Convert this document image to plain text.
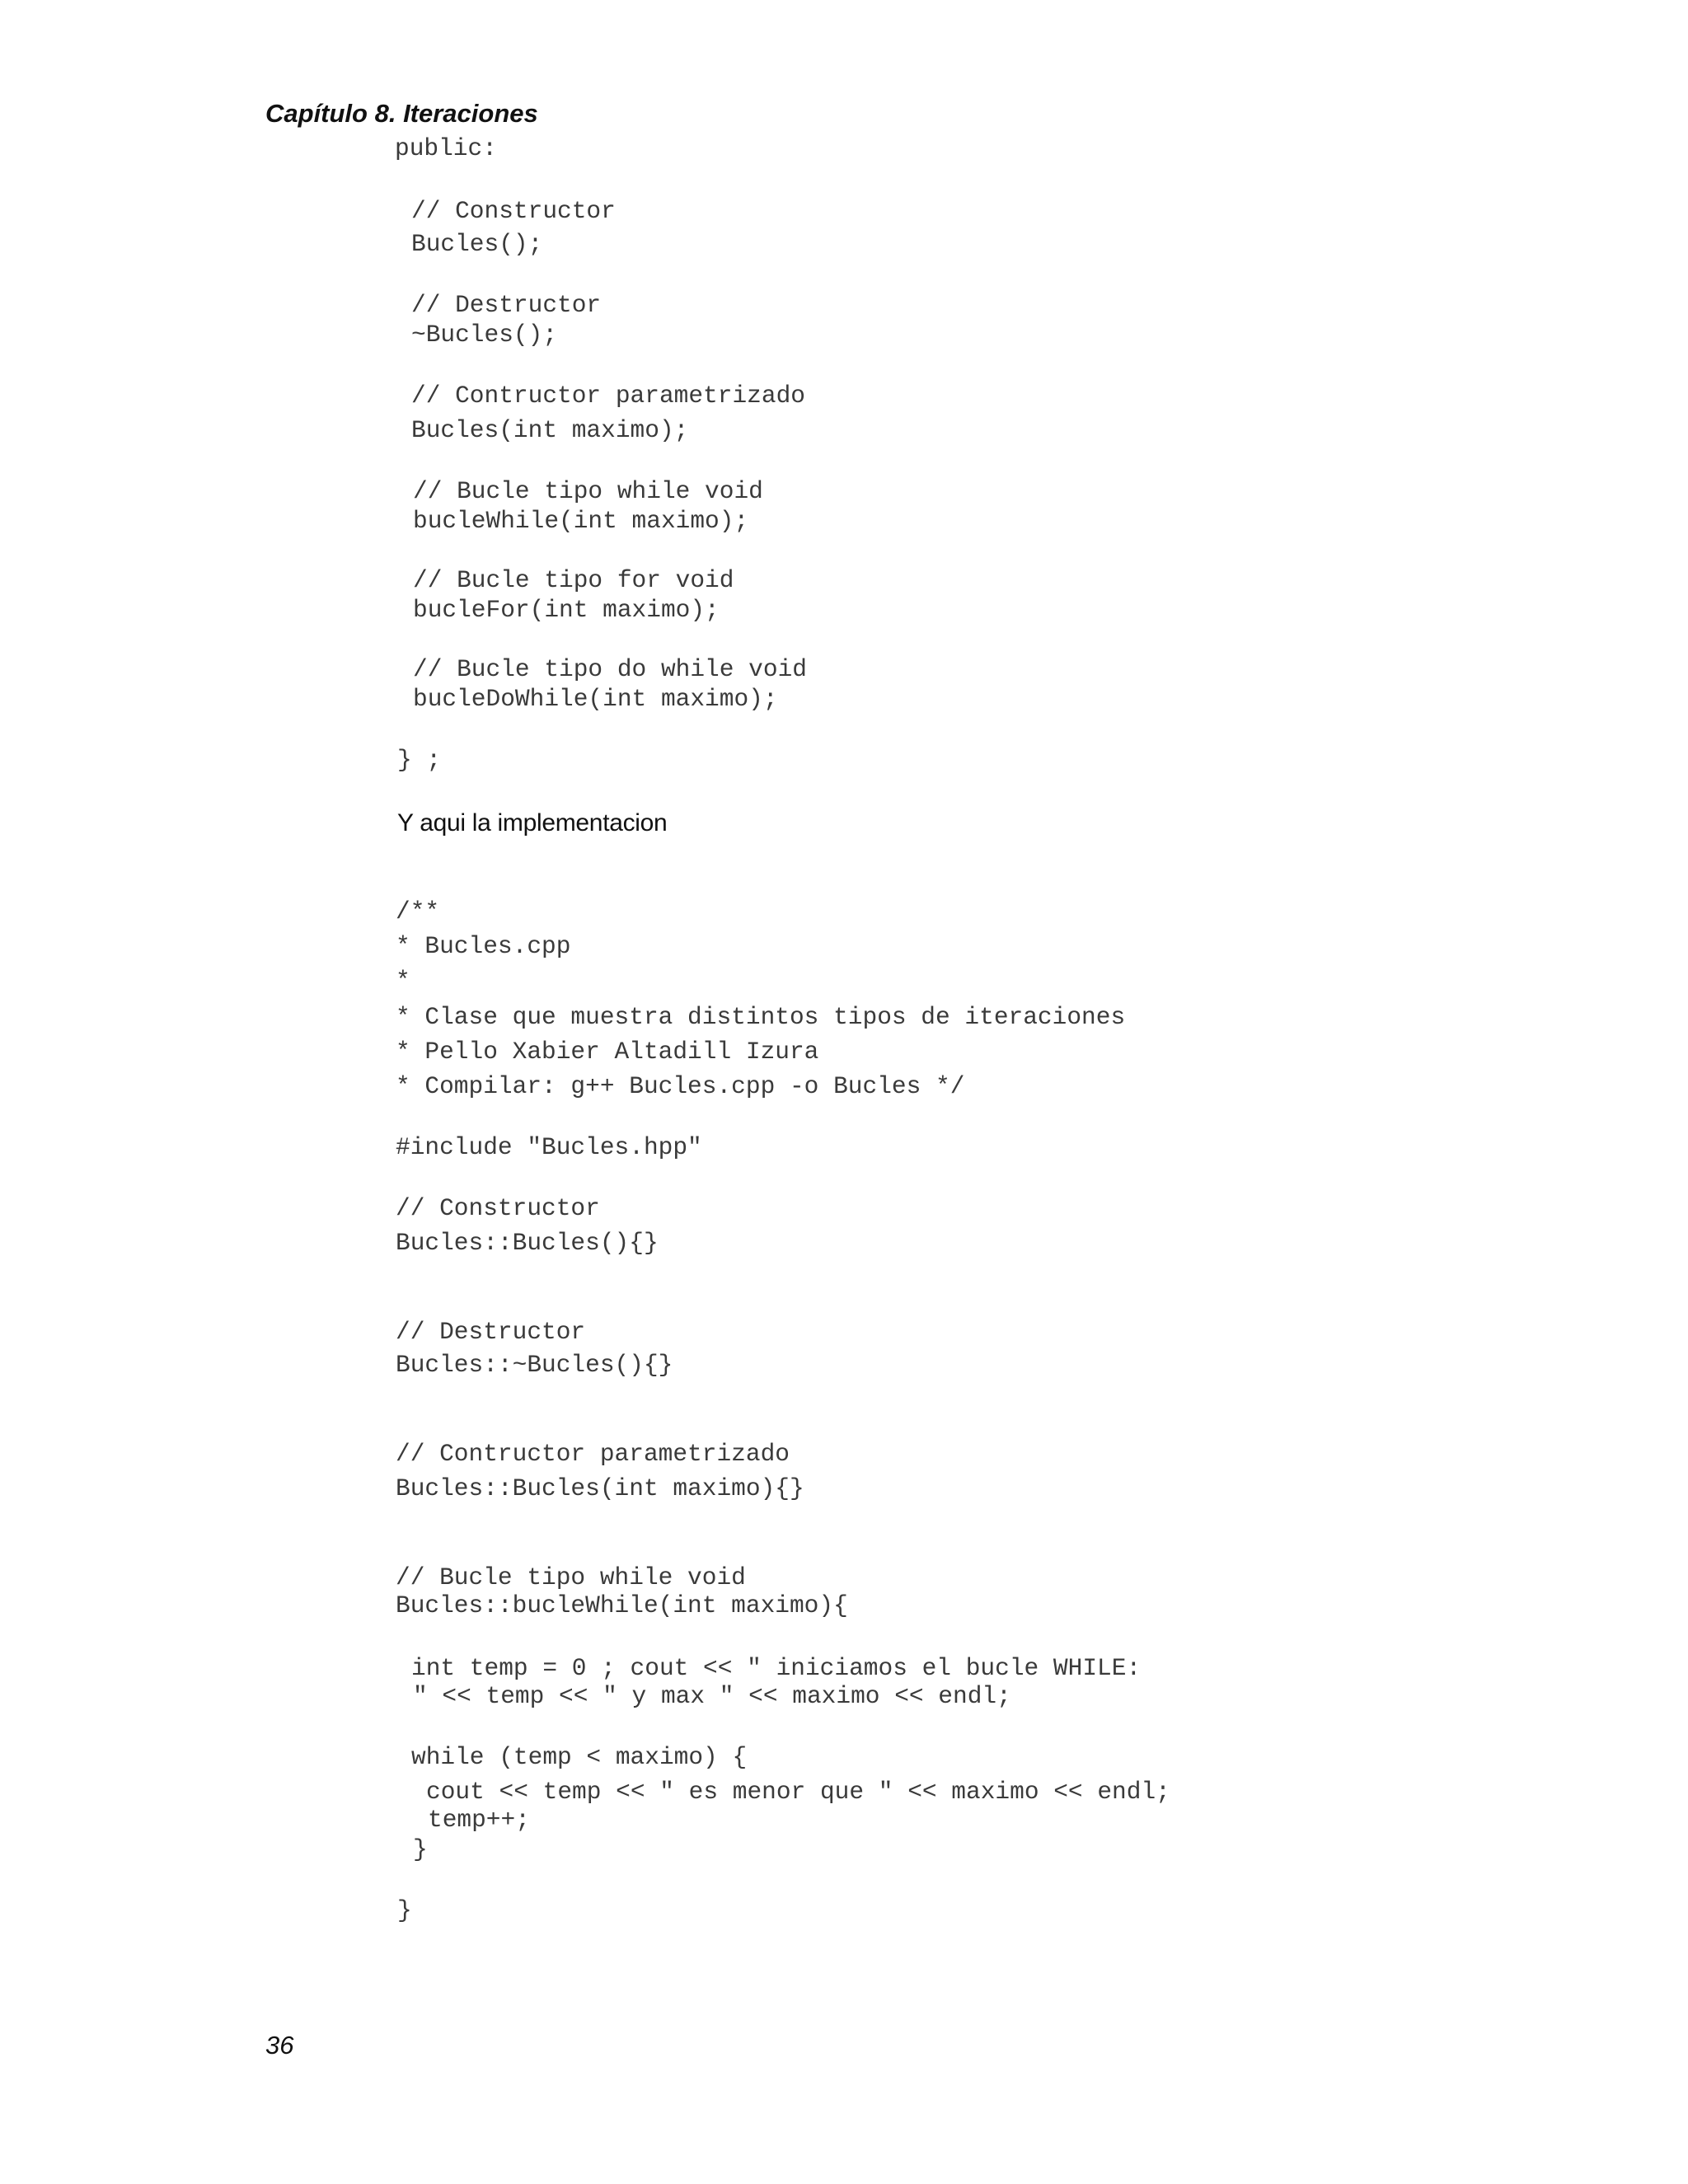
Capítulo 8. Iteraciones
public:
// Constructor
Bucles();
// Destructor
~Bucles();
// Contructor parametrizado
Bucles(int maximo);
// Bucle tipo while void
bucleWhile(int maximo);
// Bucle tipo for void
bucleFor(int maximo);
// Bucle tipo do while void
bucleDoWhile(int maximo);
} ;
Y aqui la implementacion
/**
* Bucles.cpp
*
* Clase que muestra distintos tipos de iteraciones
* Pello Xabier Altadill Izura
* Compilar: g++ Bucles.cpp -o Bucles */
#include "Bucles.hpp"
// Constructor
Bucles::Bucles(){}
// Destructor
Bucles::~Bucles(){}
// Contructor parametrizado
Bucles::Bucles(int maximo){}
// Bucle tipo while void
Bucles::bucleWhile(int maximo){
int temp = 0 ; cout << " iniciamos el bucle WHILE:
" << temp << " y max " << maximo << endl;
while (temp < maximo) {
cout << temp << " es menor que " << maximo << endl;
temp++;
}
}
36
